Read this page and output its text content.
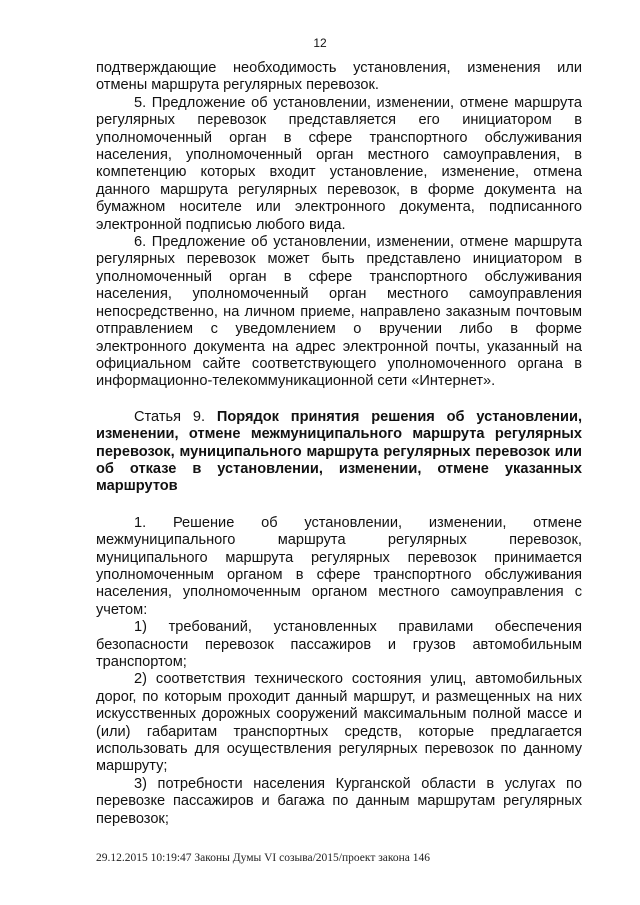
12

подтверждающие необходимость установления, изменения или отмены маршрута регулярных перевозок.

5. Предложение об установлении, изменении, отмене маршрута регулярных перевозок представляется его инициатором в уполномоченный орган в сфере транспортного обслуживания населения, уполномоченный орган местного самоуправления, в компетенцию которых входит установление, изменение, отмена данного маршрута регулярных перевозок, в форме документа на бумажном носителе или электронного документа, подписанного электронной подписью любого вида.

6. Предложение об установлении, изменении, отмене маршрута регулярных перевозок может быть представлено инициатором в уполномоченный орган в сфере транспортного обслуживания населения, уполномоченный орган местного самоуправления непосредственно, на личном приеме, направлено заказным почтовым отправлением с уведомлением о вручении либо в форме электронного документа на адрес электронной почты, указанный на официальном сайте соответствующего уполномоченного органа в информационно-телекоммуникационной сети «Интернет».

Статья 9. Порядок принятия решения об установлении, изменении, отмене межмуниципального маршрута регулярных перевозок, муниципального маршрута регулярных перевозок или об отказе в установлении, изменении, отмене указанных маршрутов

1. Решение об установлении, изменении, отмене межмуниципального маршрута регулярных перевозок, муниципального маршрута регулярных перевозок принимается уполномоченным органом в сфере транспортного обслуживания населения, уполномоченным органом местного самоуправления с учетом:

1) требований, установленных правилами обеспечения безопасности перевозок пассажиров и грузов автомобильным транспортом;

2) соответствия технического состояния улиц, автомобильных дорог, по которым проходит данный маршрут, и размещенных на них искусственных дорожных сооружений максимальным полной массе и (или) габаритам транспортных средств, которые предлагается использовать для осуществления регулярных перевозок по данному маршруту;

3) потребности населения Курганской области в услугах по перевозке пассажиров и багажа по данным маршрутам регулярных перевозок;

29.12.2015 10:19:47 Законы Думы VI созыва/2015/проект закона 146
